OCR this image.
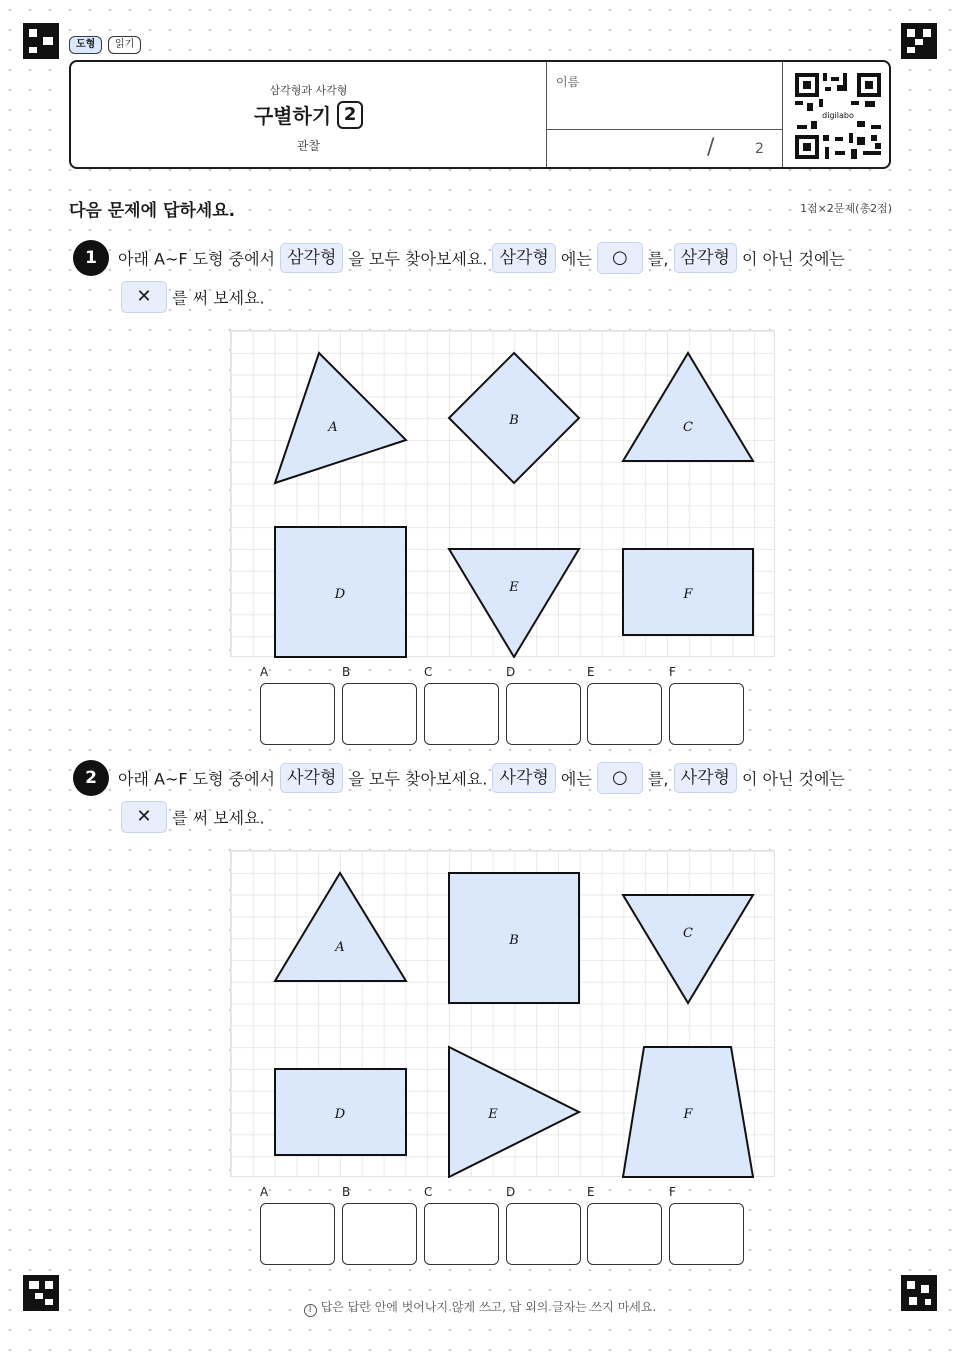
도형	읽기
삼각형과 사각형
구별하기 2
관찰
이름
/	2
digilabo
다음 문제에 답하세요.	1점×2문제(총2점)
1	아래 A~F 도형 중에서 삼각형 을 모두 찾아보세요. 삼각형 에는 ○ 를, 삼각형 이 아닌 것에는
✕ 를 써 보세요.
A	B	C
D	E	F
A	B	C	D	E	F
2	아래 A~F 도형 중에서 사각형 을 모두 찾아보세요. 사각형 에는 ○ 를, 사각형 이 아닌 것에는
✕ 를 써 보세요.
A	B	C
D	E	F
A	B	C	D	E	F
! 답은 답란 안에 벗어나지 않게 쓰고, 답 외의 글자는 쓰지 마세요.
